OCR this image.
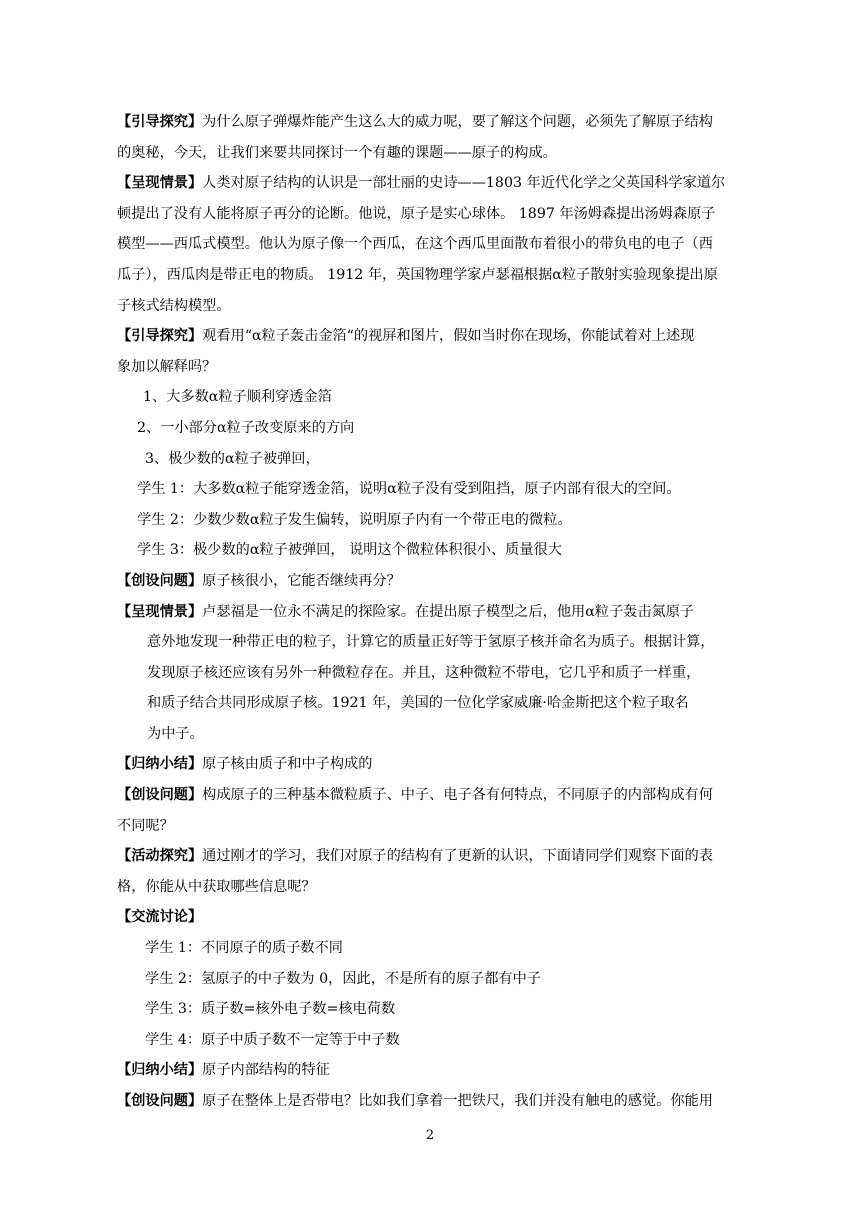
【引导探究】为什么原子弹爆炸能产生这么大的威力呢，要了解这个问题，必须先了解原子结构
的奥秘，今天，让我们来要共同探讨一个有趣的课题——原子的构成。
【呈现情景】人类对原子结构的认识是一部壮丽的史诗——1803 年近代化学之父英国科学家道尔
顿提出了没有人能将原子再分的论断。他说，原子是实心球体。 1897 年汤姆森提出汤姆森原子
模型——西瓜式模型。他认为原子像一个西瓜，在这个西瓜里面散布着很小的带负电的电子（西
瓜子），西瓜肉是带正电的物质。 1912 年，英国物理学家卢瑟福根据α粒子散射实验现象提出原
子核式结构模型。
【引导探究】观看用“α粒子轰击金箔“的视屏和图片，假如当时你在现场，你能试着对上述现
象加以解释吗？
1、大多数α粒子顺利穿透金箔
2、一小部分α粒子改变原来的方向
3、极少数的α粒子被弹回，
学生 1：大多数α粒子能穿透金箔，说明α粒子没有受到阻挡，原子内部有很大的空间。
学生 2：少数少数α粒子发生偏转，说明原子内有一个带正电的微粒。
学生 3：极少数的α粒子被弹回， 说明这个微粒体积很小、质量很大
【创设问题】原子核很小，它能否继续再分？
【呈现情景】卢瑟福是一位永不满足的探险家。在提出原子模型之后，他用α粒子轰击氮原子
意外地发现一种带正电的粒子，计算它的质量正好等于氢原子核并命名为质子。根据计算，
发现原子核还应该有另外一种微粒存在。并且，这种微粒不带电，它几乎和质子一样重，
和质子结合共同形成原子核。1921 年，美国的一位化学家威廉·哈金斯把这个粒子取名
为中子。
【归纳小结】原子核由质子和中子构成的
【创设问题】构成原子的三种基本微粒质子、中子、电子各有何特点，不同原子的内部构成有何
不同呢？
【活动探究】通过刚才的学习，我们对原子的结构有了更新的认识，下面请同学们观察下面的表
格，你能从中获取哪些信息呢？
【交流讨论】
学生 1：不同原子的质子数不同
学生 2：氢原子的中子数为 0，因此，不是所有的原子都有中子
学生 3：质子数=核外电子数=核电荷数
学生 4：原子中质子数不一定等于中子数
【归纳小结】原子内部结构的特征
【创设问题】原子在整体上是否带电？比如我们拿着一把铁尺，我们并没有触电的感觉。你能用
2
